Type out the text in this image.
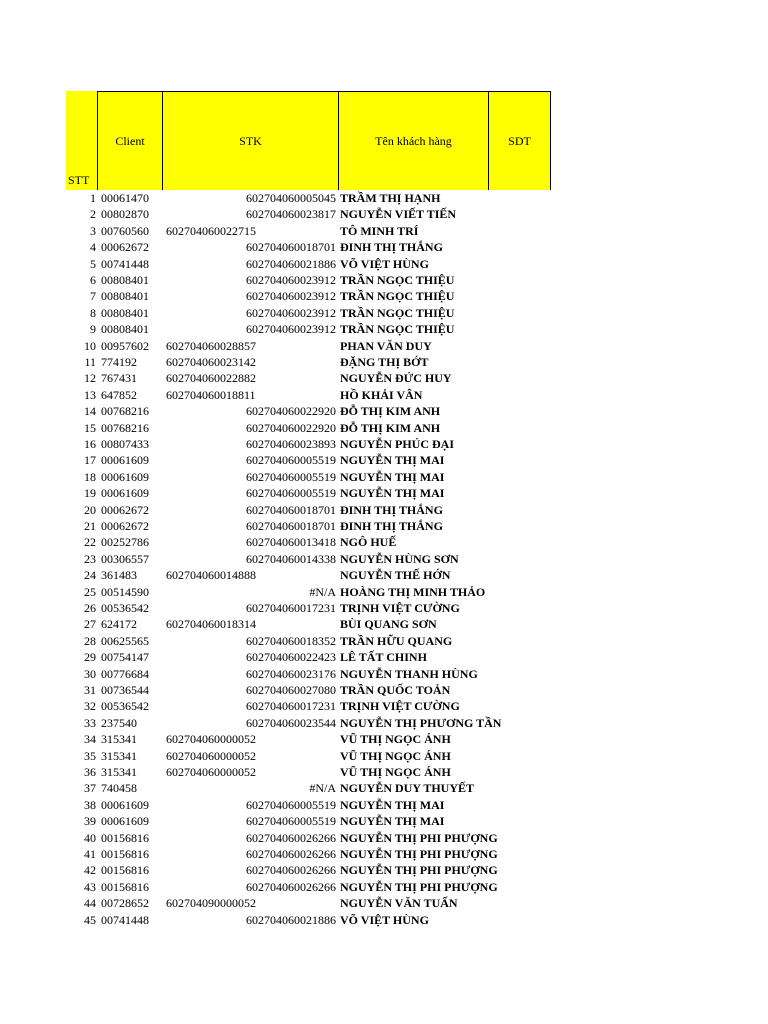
STT
Client	STK	Tên khách hàng	SDT
1 00061470	602704060005045 TRẦM THỊ HẠNH
2 00802870	602704060023817 NGUYỄN VIẾT TIẾN
3 00760560	602704060022715	TÔ MINH TRÍ
4 00062672	602704060018701 ĐINH THỊ THẮNG
5 00741448	602704060021886 VÕ VIỆT HÙNG
6 00808401	602704060023912 TRẦN NGỌC THIỆU
7 00808401	602704060023912 TRẦN NGỌC THIỆU
8 00808401	602704060023912 TRẦN NGỌC THIỆU
9 00808401	602704060023912 TRẦN NGỌC THIỆU
10 00957602	602704060028857	PHAN VĂN DUY
11 774192	602704060023142	ĐẶNG THỊ BỚT
12 767431	602704060022882	NGUYỄN ĐỨC HUY
13 647852	602704060018811	HỒ KHẢI VÂN
14 00768216	602704060022920 ĐỖ THỊ KIM ANH
15 00768216	602704060022920 ĐỖ THỊ KIM ANH
16 00807433	602704060023893 NGUYỄN PHÚC ĐẠI
17 00061609	602704060005519 NGUYỄN THỊ MAI
18 00061609	602704060005519 NGUYỄN THỊ MAI
19 00061609	602704060005519 NGUYỄN THỊ MAI
20 00062672	602704060018701 ĐINH THỊ THẮNG
21 00062672	602704060018701 ĐINH THỊ THẮNG
22 00252786	602704060013418 NGÔ HUẾ
23 00306557	602704060014338 NGUYỄN HÙNG SƠN
24 361483	602704060014888	NGUYỄN THẾ HỚN
25 00514590	#N/A HOÀNG THỊ MINH THẢO
26 00536542	602704060017231 TRỊNH VIỆT CƯỜNG
27 624172	602704060018314	BÙI QUANG SƠN
28 00625565	602704060018352 TRẦN HỮU QUANG
29 00754147	602704060022423 LÊ TẤT CHINH
30 00776684	602704060023176 NGUYỄN THANH HÙNG
31 00736544	602704060027080 TRẦN QUỐC TOẢN
32 00536542	602704060017231 TRỊNH VIỆT CƯỜNG
33 237540	602704060023544 NGUYỄN THỊ PHƯƠNG TẦN
34 315341	602704060000052	VŨ THỊ NGỌC ÁNH
35 315341	602704060000052	VŨ THỊ NGỌC ÁNH
36 315341	602704060000052	VŨ THỊ NGỌC ÁNH
37 740458	#N/A NGUYỄN DUY THUYẾT
38 00061609	602704060005519 NGUYỄN THỊ MAI
39 00061609	602704060005519 NGUYỄN THỊ MAI
40 00156816	602704060026266 NGUYỄN THỊ PHI PHƯỢNG
41 00156816	602704060026266 NGUYỄN THỊ PHI PHƯỢNG
42 00156816	602704060026266 NGUYỄN THỊ PHI PHƯỢNG
43 00156816	602704060026266 NGUYỄN THỊ PHI PHƯỢNG
44 00728652	602704090000052	NGUYỄN VĂN TUẤN
45 00741448	602704060021886 VÕ VIỆT HÙNG
